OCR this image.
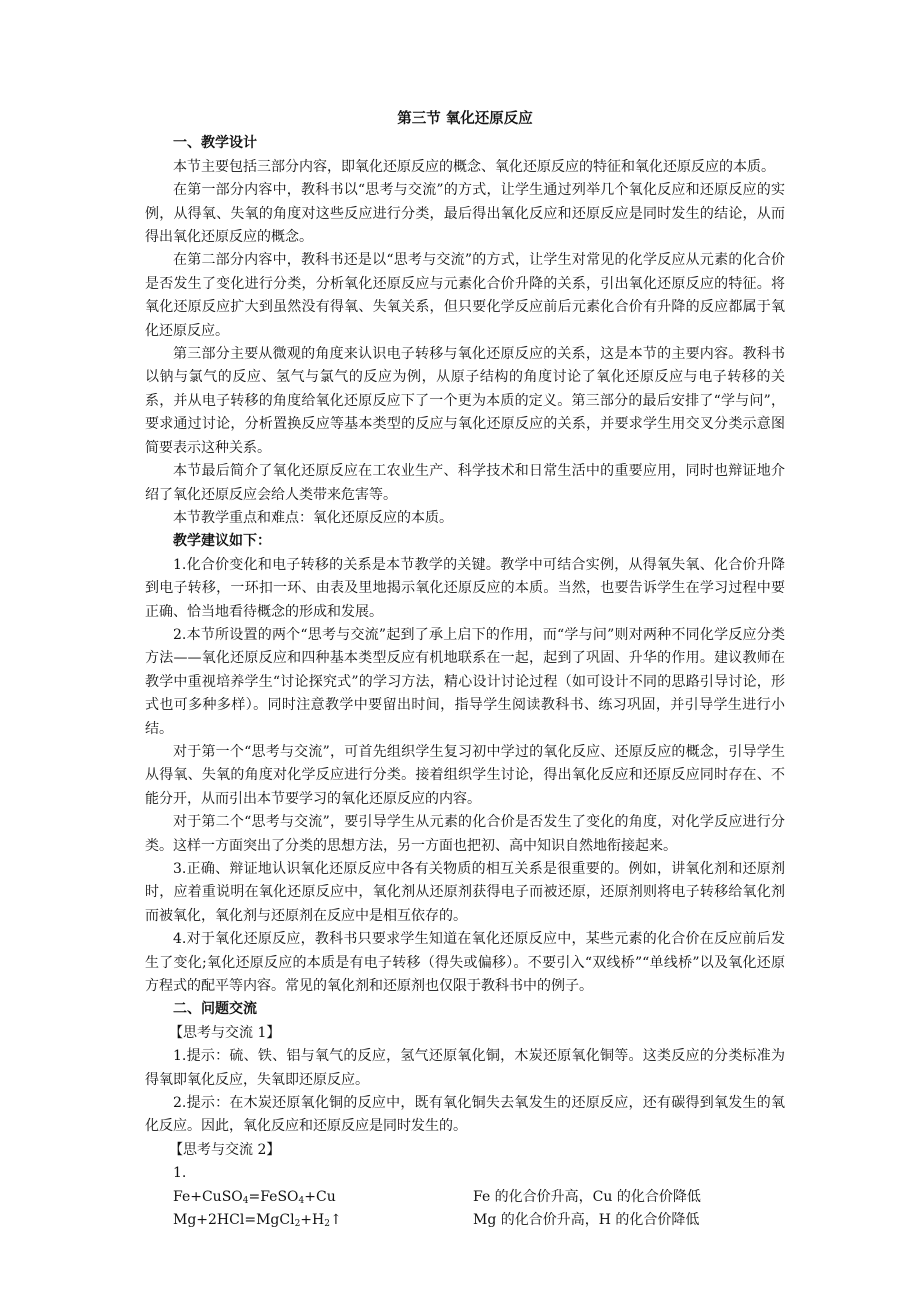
第三节 氧化还原反应
一、教学设计

本节主要包括三部分内容，即氧化还原反应的概念、氧化还原反应的特征和氧化还原反应的本质。

在第一部分内容中，教科书以“思考与交流”的方式，让学生通过列举几个氧化反应和还原反应的实例，从得氧、失氧的角度对这些反应进行分类，最后得出氧化反应和还原反应是同时发生的结论，从而得出氧化还原反应的概念。

在第二部分内容中，教科书还是以“思考与交流”的方式，让学生对常见的化学反应从元素的化合价是否发生了变化进行分类，分析氧化还原反应与元素化合价升降的关系，引出氧化还原反应的特征。将氧化还原反应扩大到虽然没有得氧、失氧关系，但只要化学反应前后元素化合价有升降的反应都属于氧化还原反应。

第三部分主要从微观的角度来认识电子转移与氧化还原反应的关系，这是本节的主要内容。教科书以钠与氯气的反应、氢气与氯气的反应为例，从原子结构的角度讨论了氧化还原反应与电子转移的关系，并从电子转移的角度给氧化还原反应下了一个更为本质的定义。第三部分的最后安排了“学与问”，要求通过讨论，分析置换反应等基本类型的反应与氧化还原反应的关系，并要求学生用交叉分类示意图简要表示这种关系。

本节最后简介了氧化还原反应在工农业生产、科学技术和日常生活中的重要应用，同时也辩证地介绍了氧化还原反应会给人类带来危害等。

本节教学重点和难点：氧化还原反应的本质。

教学建议如下：

1.化合价变化和电子转移的关系是本节教学的关键。教学中可结合实例，从得氧失氧、化合价升降到电子转移，一环扣一环、由表及里地揭示氧化还原反应的本质。当然，也要告诉学生在学习过程中要正确、恰当地看待概念的形成和发展。

2.本节所设置的两个“思考与交流”起到了承上启下的作用，而“学与问”则对两种不同化学反应分类方法——氧化还原反应和四种基本类型反应有机地联系在一起，起到了巩固、升华的作用。建议教师在教学中重视培养学生“讨论探究式”的学习方法，精心设计讨论过程（如可设计不同的思路引导讨论，形式也可多种多样）。同时注意教学中要留出时间，指导学生阅读教科书、练习巩固，并引导学生进行小结。

对于第一个“思考与交流”，可首先组织学生复习初中学过的氧化反应、还原反应的概念，引导学生从得氧、失氧的角度对化学反应进行分类。接着组织学生讨论，得出氧化反应和还原反应同时存在、不能分开，从而引出本节要学习的氧化还原反应的内容。

对于第二个“思考与交流”，要引导学生从元素的化合价是否发生了变化的角度，对化学反应进行分类。这样一方面突出了分类的思想方法，另一方面也把初、高中知识自然地衔接起来。

3.正确、辩证地认识氧化还原反应中各有关物质的相互关系是很重要的。例如，讲氧化剂和还原剂时，应着重说明在氧化还原反应中，氧化剂从还原剂获得电子而被还原，还原剂则将电子转移给氧化剂而被氧化，氧化剂与还原剂在反应中是相互依存的。

4.对于氧化还原反应，教科书只要求学生知道在氧化还原反应中，某些元素的化合价在反应前后发生了变化;氧化还原反应的本质是有电子转移（得失或偏移）。不要引入“双线桥”“单线桥”以及氧化还原方程式的配平等内容。常见的氧化剂和还原剂也仅限于教科书中的例子。

二、问题交流
【思考与交流 1】

1.提示：硫、铁、铝与氧气的反应，氢气还原氧化铜，木炭还原氧化铜等。这类反应的分类标准为得氧即氧化反应，失氧即还原反应。

2.提示：在木炭还原氧化铜的反应中，既有氧化铜失去氧发生的还原反应，还有碳得到氧发生的氧化反应。因此，氧化反应和还原反应是同时发生的。

【思考与交流 2】
1.
Fe+CuSO$_4$=FeSO$_4$+Cu	Fe 的化合价升高，Cu 的化合价降低
$Mg+2HCl=MgCl_2+H_2↑$	Mg 的化合价升高，H 的化合价降低
